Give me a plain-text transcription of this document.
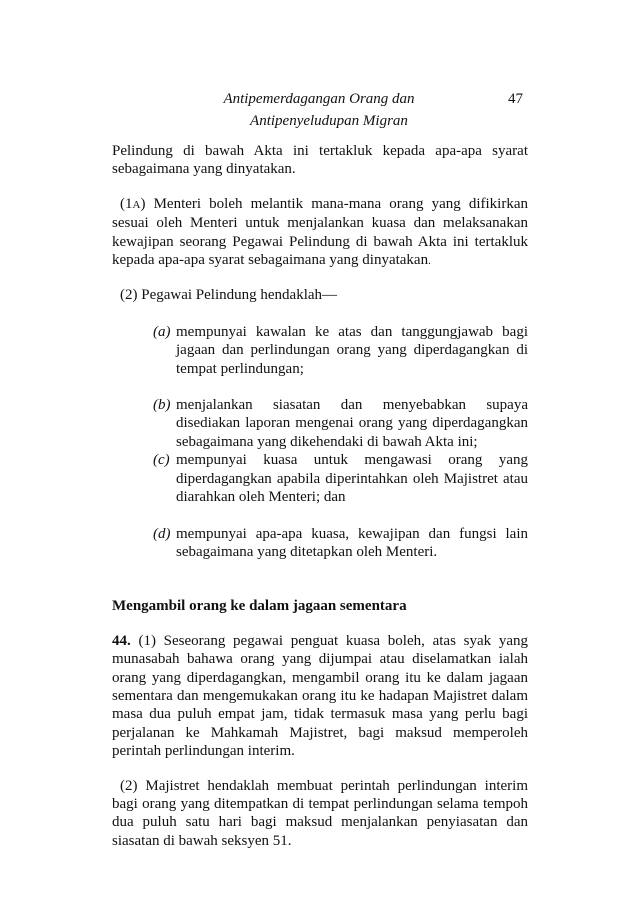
Antipemerdagangan Orang dan
Antipenyeludupan Migran
47

Pelindung di bawah Akta ini tertakluk kepada apa-apa syarat sebagaimana yang dinyatakan.

(1A) Menteri boleh melantik mana-mana orang yang difikirkan sesuai oleh Menteri untuk menjalankan kuasa dan melaksanakan kewajipan seorang Pegawai Pelindung di bawah Akta ini tertakluk kepada apa-apa syarat sebagaimana yang dinyatakan.

(2) Pegawai Pelindung hendaklah—

(a) mempunyai kawalan ke atas dan tanggungjawab bagi jagaan dan perlindungan orang yang diperdagangkan di tempat perlindungan;
(b) menjalankan siasatan dan menyebabkan supaya disediakan laporan mengenai orang yang diperdagangkan sebagaimana yang dikehendaki di bawah Akta ini;
(c) mempunyai kuasa untuk mengawasi orang yang diperdagangkan apabila diperintahkan oleh Majistret atau diarahkan oleh Menteri; dan
(d) mempunyai apa-apa kuasa, kewajipan dan fungsi lain sebagaimana yang ditetapkan oleh Menteri.
Mengambil orang ke dalam jagaan sementara

44. (1) Seseorang pegawai penguat kuasa boleh, atas syak yang munasabah bahawa orang yang dijumpai atau diselamatkan ialah orang yang diperdagangkan, mengambil orang itu ke dalam jagaan sementara dan mengemukakan orang itu ke hadapan Majistret dalam masa dua puluh empat jam, tidak termasuk masa yang perlu bagi perjalanan ke Mahkamah Majistret, bagi maksud memperoleh perintah perlindungan interim.

(2) Majistret hendaklah membuat perintah perlindungan interim bagi orang yang ditempatkan di tempat perlindungan selama tempoh dua puluh satu hari bagi maksud menjalankan penyiasatan dan siasatan di bawah seksyen 51.
